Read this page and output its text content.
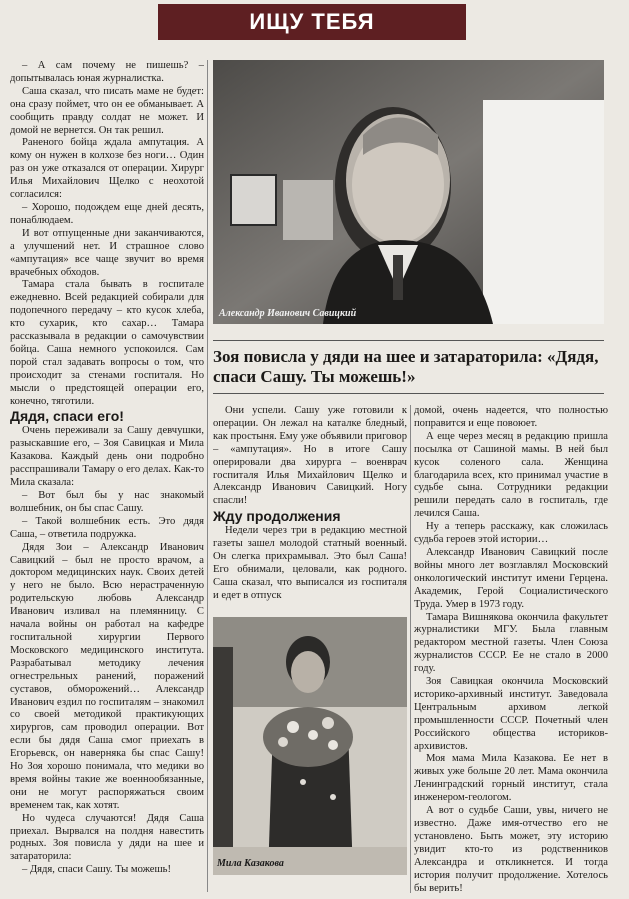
ИЩУ ТЕБЯ

– А сам почему не пишешь? – допытывалась юная журналистка.

Саша сказал, что писать маме не будет: она сразу поймет, что он ее обманывает. А сообщить правду солдат не может. И домой не вернется. Он так решил.

Раненого бойца ждала ампутация. А кому он нужен в колхозе без ноги… Один раз он уже отказался от операции. Хирург Илья Михайлович Щелко с неохотой согласился:

– Хорошо, подождем еще дней десять, понаблюдаем.

И вот отпущенные дни заканчиваются, а улучшений нет. И страшное слово «ампутация» все чаще звучит во время врачебных обходов.

Тамара стала бывать в госпитале ежедневно. Всей редакцией собирали для подопечного передачу – кто кусок хлеба, кто сухарик, кто сахар… Тамара рассказывала в редакции о самочувствии бойца. Саша немного успокоился. Сам порой стал задавать вопросы о том, что происходит за стенами госпиталя. Но мысли о предстоящей операции его, конечно, тяготили.

Дядя, спаси его!

Очень переживали за Сашу девчушки, разыскавшие его, – Зоя Савицкая и Мила Казакова. Каждый день они подробно расспрашивали Тамару о его делах. Как-то Мила сказала:

– Вот был бы у нас знакомый волшебник, он бы спас Сашу.

– Такой волшебник есть. Это дядя Саша, – ответила подружка.

Дядя Зои – Александр Иванович Савицкий – был не просто врачом, а доктором медицинских наук. Своих детей у него не было. Всю нерастраченную родительскую любовь Александр Иванович изливал на племянницу. С начала войны он работал на кафедре госпитальной хирургии Первого Московского медицинского института. Разрабатывал методику лечения огнестрельных ранений, поражений суставов, обморожений… Александр Иванович ездил по госпиталям – знакомил со своей методикой практикующих хирургов, сам проводил операции. Вот если бы дядя Саша смог приехать в Егорьевск, он наверняка бы спас Сашу! Но Зоя хорошо понимала, что медики во время войны такие же военнообязанные, они не могут распоряжаться своим временем так, как хотят.

Но чудеса случаются! Дядя Саша приехал. Вырвался на полдня навестить родных. Зоя повисла у дяди на шее и затараторила:

– Дядя, спаси Сашу. Ты можешь!

Александр Иванович Савицкий
Зоя повисла у дяди на шее и затараторила: «Дядя, спаси Сашу. Ты можешь!»

Они успели. Сашу уже готовили к операции. Он лежал на каталке бледный, как простыня. Ему уже объявили приговор – «ампутация». Но в итоге Сашу оперировали два хирурга – военврач госпиталя Илья Михайлович Щелко и Александр Иванович Савицкий. Ногу спасли!

Жду продолжения

Недели через три в редакцию местной газеты зашел молодой статный военный. Он слегка прихрамывал. Это был Саша! Его обнимали, целовали, как родного. Саша сказал, что выписался из госпиталя и едет в отпуск

Мила Казакова

домой, очень надеется, что полностью поправится и еще повоюет.

А еще через месяц в редакцию пришла посылка от Сашиной мамы. В ней был кусок соленого сала. Женщина благодарила всех, кто принимал участие в судьбе сына. Сотрудники редакции решили передать сало в госпиталь, где лечился Саша.

Ну а теперь расскажу, как сложилась судьба героев этой истории…

Александр Иванович Савицкий после войны много лет возглавлял Московский онкологический институт имени Герцена. Академик, Герой Социалистического Труда. Умер в 1973 году.

Тамара Вишнякова окончила факультет журналистики МГУ. Была главным редактором местной газеты. Член Союза журналистов СССР. Ее не стало в 2000 году.

Зоя Савицкая окончила Московский историко-архивный институт. Заведовала Центральным архивом легкой промышленности СССР. Почетный член Российского общества историков-архивистов.

Моя мама Мила Казакова. Ее нет в живых уже больше 20 лет. Мама окончила Ленинградский горный институт, стала инженером-геологом.

А вот о судьбе Саши, увы, ничего не известно. Даже имя-отчество его не установлено. Быть может, эту историю увидит кто-то из родственников Александра и откликнется. И тогда история получит продолжение. Хотелось бы верить!
